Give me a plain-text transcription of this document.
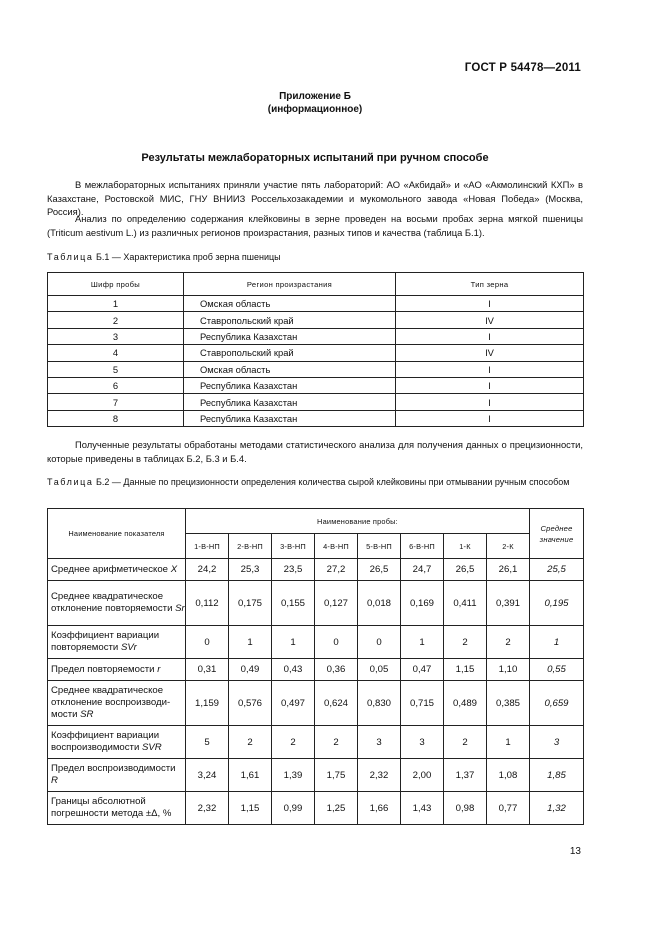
ГОСТ Р 54478—2011
Приложение Б
(информационное)
Результаты межлабораторных испытаний при ручном способе
В межлабораторных испытаниях приняли участие пять лабораторий: АО «Акбидай» и «АО «Акмолинский КХП» в Казахстане, Ростовской МИС, ГНУ ВНИИЗ Россельхозакадемии и мукомольного завода «Новая Победа» (Москва, Россия).
Анализ по определению содержания клейковины в зерне проведен на восьми пробах зерна мягкой пшеницы (Triticum aestivum L.) из различных регионов произрастания, разных типов и качества (таблица Б.1).
Таблица Б.1 — Характеристика проб зерна пшеницы
Шифр пробы	Регион произрастания	Тип зерна
1	Омская область	I
2	Ставропольский край	IV
3	Республика Казахстан	I
4	Ставропольский край	IV
5	Омская область	I
6	Республика Казахстан	I
7	Республика Казахстан	I
8	Республика Казахстан	I
Полученные результаты обработаны методами статистического анализа для получения данных о прецизионности, которые приведены в таблицах Б.2, Б.3 и Б.4.
Таблица Б.2 — Данные по прецизионности определения количества сырой клейковины при отмывании ручным способом
Наименование показателя	Наименование пробы:								Среднее
значение

	1-В-НП	2-В-НП	3-В-НП	4-В-НП	5-В-НП	6-В-НП	1-К	2-К	
Среднее арифметическое X	24,2	25,3	23,5	27,2	26,5	24,7	26,5	26,1	25,5
Среднее квадратическое отклонение повторяемости Sr	0,112	0,175	0,155	0,127	0,018	0,169	0,411	0,391	0,195
Коэффициент вариации повторяемости SVr	0	1	1	0	0	1	2	2	1
Предел повторяемости r	0,31	0,49	0,43	0,36	0,05	0,47	1,15	1,10	0,55
Среднее квадратическое отклонение воспроизводи-мости SR	1,159	0,576	0,497	0,624	0,830	0,715	0,489	0,385	0,659
Коэффициент вариации воспроизводимости SVR	5	2	2	2	3	3	2	1	3
Предел воспроизводимости R	3,24	1,61	1,39	1,75	2,32	2,00	1,37	1,08	1,85
Границы абсолютной погрешности метода ±Δ, %	2,32	1,15	0,99	1,25	1,66	1,43	0,98	0,77	1,32
13
